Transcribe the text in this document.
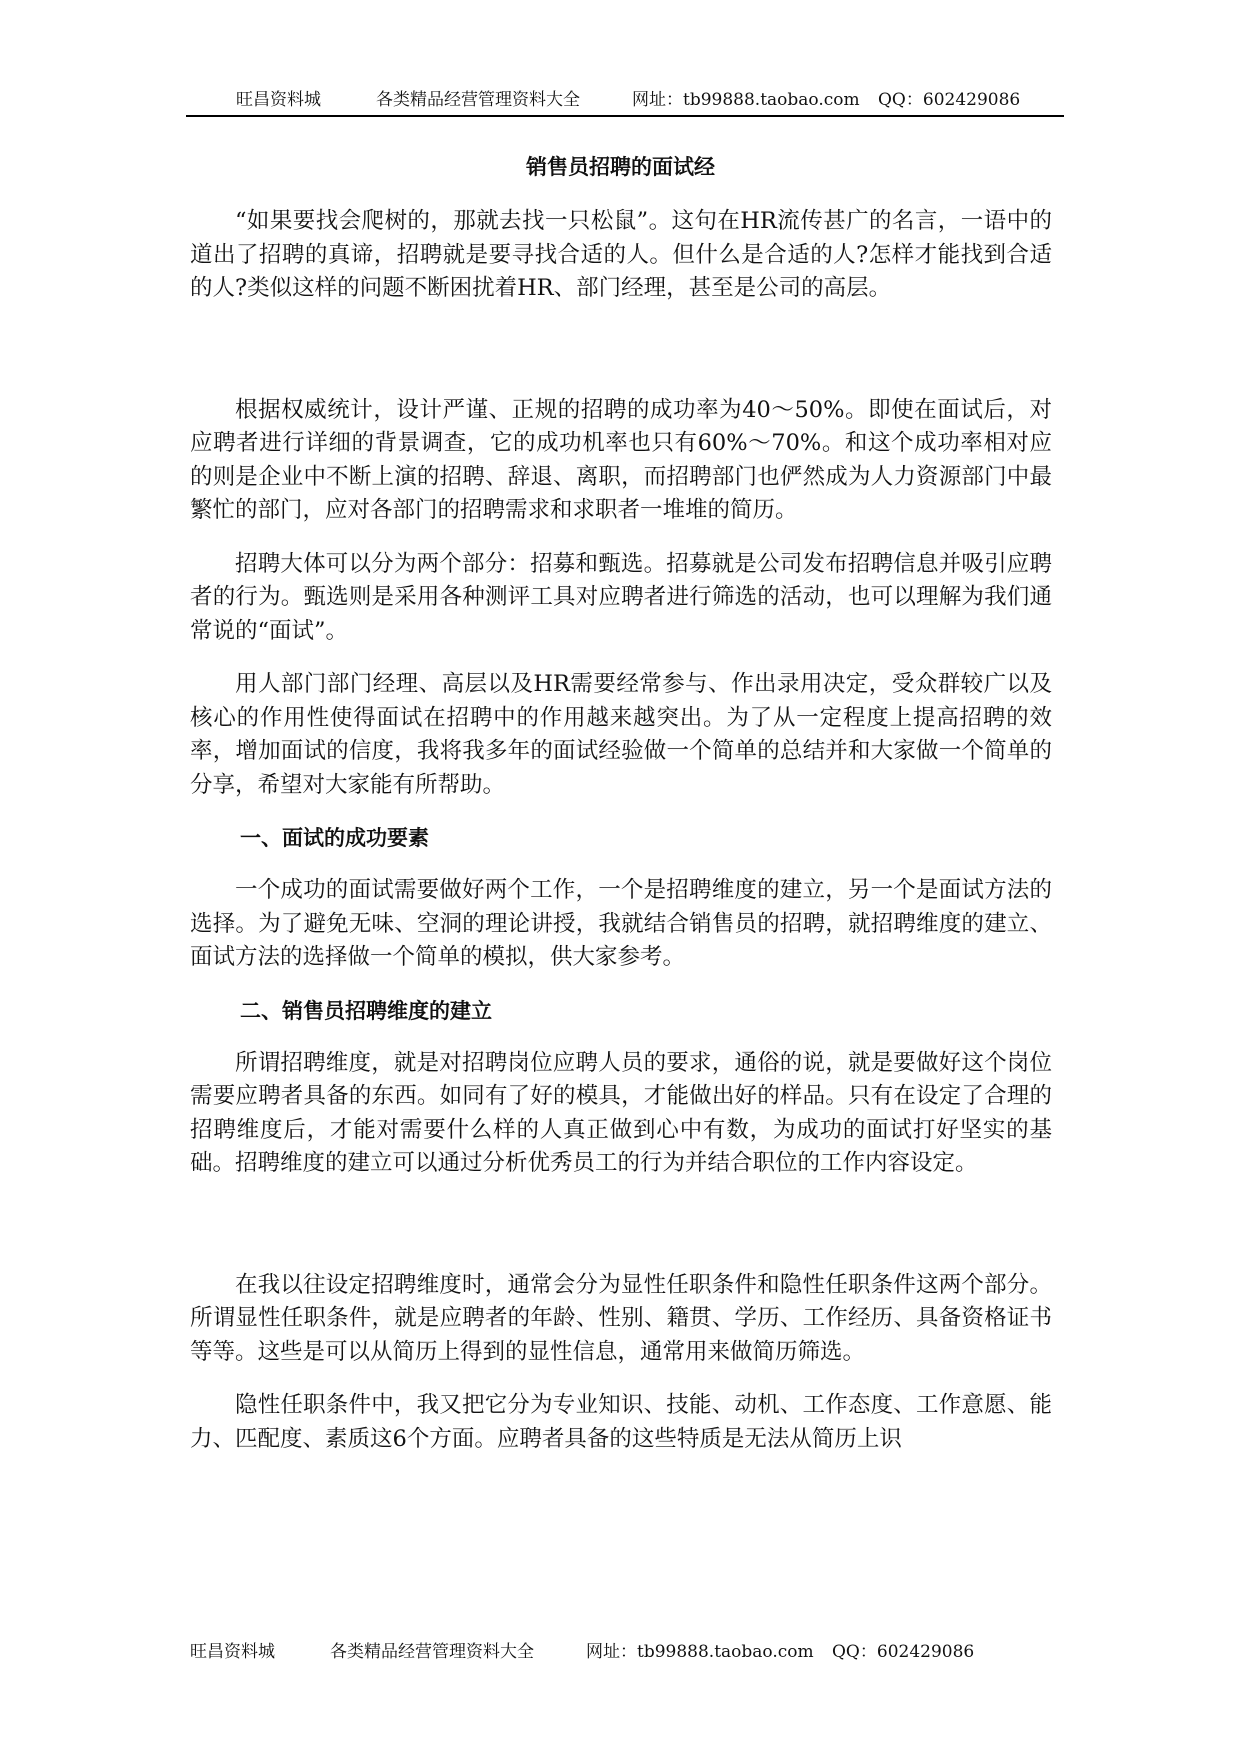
旺昌资料城	各类精品经营管理资料大全	网址：tb99888.taobao.com QQ：602429086
销售员招聘的面试经

“如果要找会爬树的，那就去找一只松鼠”。这句在HR流传甚广的名言，一语中的道出了招聘的真谛，招聘就是要寻找合适的人。但什么是合适的人?怎样才能找到合适的人?类似这样的问题不断困扰着HR、部门经理，甚至是公司的高层。

根据权威统计，设计严谨、正规的招聘的成功率为40～50%。即使在面试后，对应聘者进行详细的背景调查，它的成功机率也只有60%～70%。和这个成功率相对应的则是企业中不断上演的招聘、辞退、离职，而招聘部门也俨然成为人力资源部门中最繁忙的部门，应对各部门的招聘需求和求职者一堆堆的简历。

招聘大体可以分为两个部分：招募和甄选。招募就是公司发布招聘信息并吸引应聘者的行为。甄选则是采用各种测评工具对应聘者进行筛选的活动，也可以理解为我们通常说的“面试”。

用人部门部门经理、高层以及HR需要经常参与、作出录用决定，受众群较广以及核心的作用性使得面试在招聘中的作用越来越突出。为了从一定程度上提高招聘的效率，增加面试的信度，我将我多年的面试经验做一个简单的总结并和大家做一个简单的分享，希望对大家能有所帮助。

一、面试的成功要素

一个成功的面试需要做好两个工作，一个是招聘维度的建立，另一个是面试方法的选择。为了避免无味、空洞的理论讲授，我就结合销售员的招聘，就招聘维度的建立、面试方法的选择做一个简单的模拟，供大家参考。

二、销售员招聘维度的建立

所谓招聘维度，就是对招聘岗位应聘人员的要求，通俗的说，就是要做好这个岗位需要应聘者具备的东西。如同有了好的模具，才能做出好的样品。只有在设定了合理的招聘维度后，才能对需要什么样的人真正做到心中有数，为成功的面试打好坚实的基础。招聘维度的建立可以通过分析优秀员工的行为并结合职位的工作内容设定。

在我以往设定招聘维度时，通常会分为显性任职条件和隐性任职条件这两个部分。所谓显性任职条件，就是应聘者的年龄、性别、籍贯、学历、工作经历、具备资格证书等等。这些是可以从简历上得到的显性信息，通常用来做简历筛选。

隐性任职条件中，我又把它分为专业知识、技能、动机、工作态度、工作意愿、能力、匹配度、素质这6个方面。应聘者具备的这些特质是无法从简历上识

旺昌资料城	各类精品经营管理资料大全	网址：tb99888.taobao.com QQ：602429086
